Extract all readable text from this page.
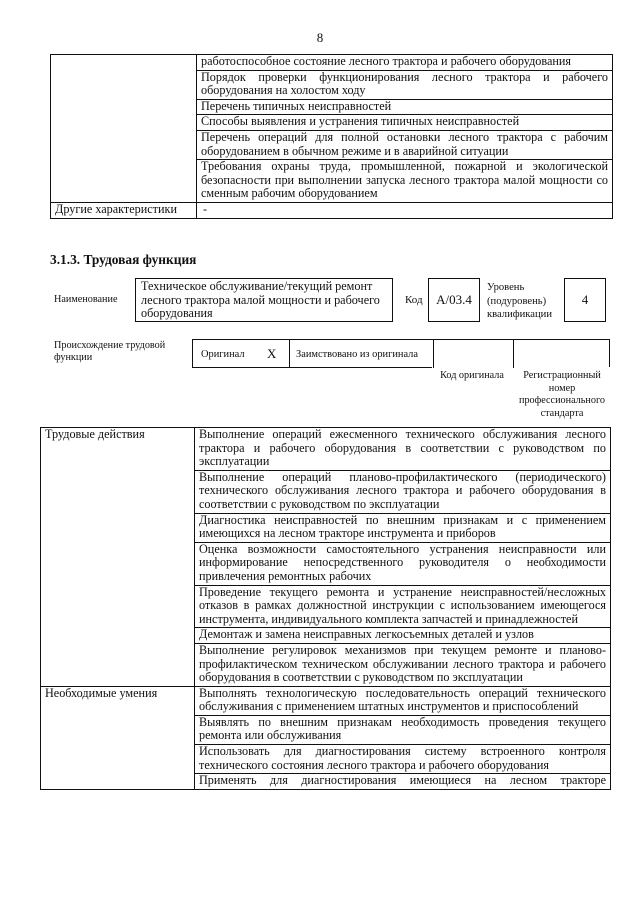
8
	работоспособное состояние лесного трактора и рабочего оборудования
	Порядок проверки функционирования лесного трактора и рабочего оборудования на холостом ходу
	Перечень типичных неисправностей
	Способы выявления и устранения типичных неисправностей
	Перечень операций для полной остановки лесного трактора с рабочим оборудованием в обычном режиме и в аварийной ситуации
	Требования охраны труда, промышленной, пожарной и экологической безопасности при выполнении запуска лесного трактора малой мощности со сменным рабочим оборудованием
Другие характеристики	-
3.1.3. Трудовая функция
Наименование
Техническое обслуживание/текущий ремонт лесного трактора малой мощности и рабочего оборудования
Код	А/03.4
Уровень (подуровень) квалификации
4
Происхождение трудовой функции	Оригинал	X	Заимствовано из оригинала
Код оригинала	Регистрационный номер профессионального стандарта
Трудовые действия	Выполнение операций ежесменного технического обслуживания лесного трактора и рабочего оборудования в соответствии с руководством по эксплуатации
	Выполнение операций планово-профилактического (периодического) технического обслуживания лесного трактора и рабочего оборудования в соответствии с руководством по эксплуатации
	Диагностика неисправностей по внешним признакам и с применением имеющихся на лесном тракторе инструмента и приборов
	Оценка возможности самостоятельного устранения неисправности или информирование непосредственного руководителя о необходимости привлечения ремонтных рабочих
	Проведение текущего ремонта и устранение неисправностей/несложных отказов в рамках должностной инструкции с использованием имеющегося инструмента, индивидуального комплекта запчастей и принадлежностей
	Демонтаж и замена неисправных легкосъемных деталей и узлов
	Выполнение регулировок механизмов при текущем ремонте и планово-профилактическом техническом обслуживании лесного трактора и рабочего оборудования в соответствии с руководством по эксплуатации
Необходимые умения	Выполнять технологическую последовательность операций технического обслуживания с применением штатных инструментов и приспособлений
	Выявлять по внешним признакам необходимость проведения текущего ремонта или обслуживания
	Использовать для диагностирования систему встроенного контроля технического состояния лесного трактора и рабочего оборудования
	Применять для диагностирования имеющиеся на лесном тракторе
